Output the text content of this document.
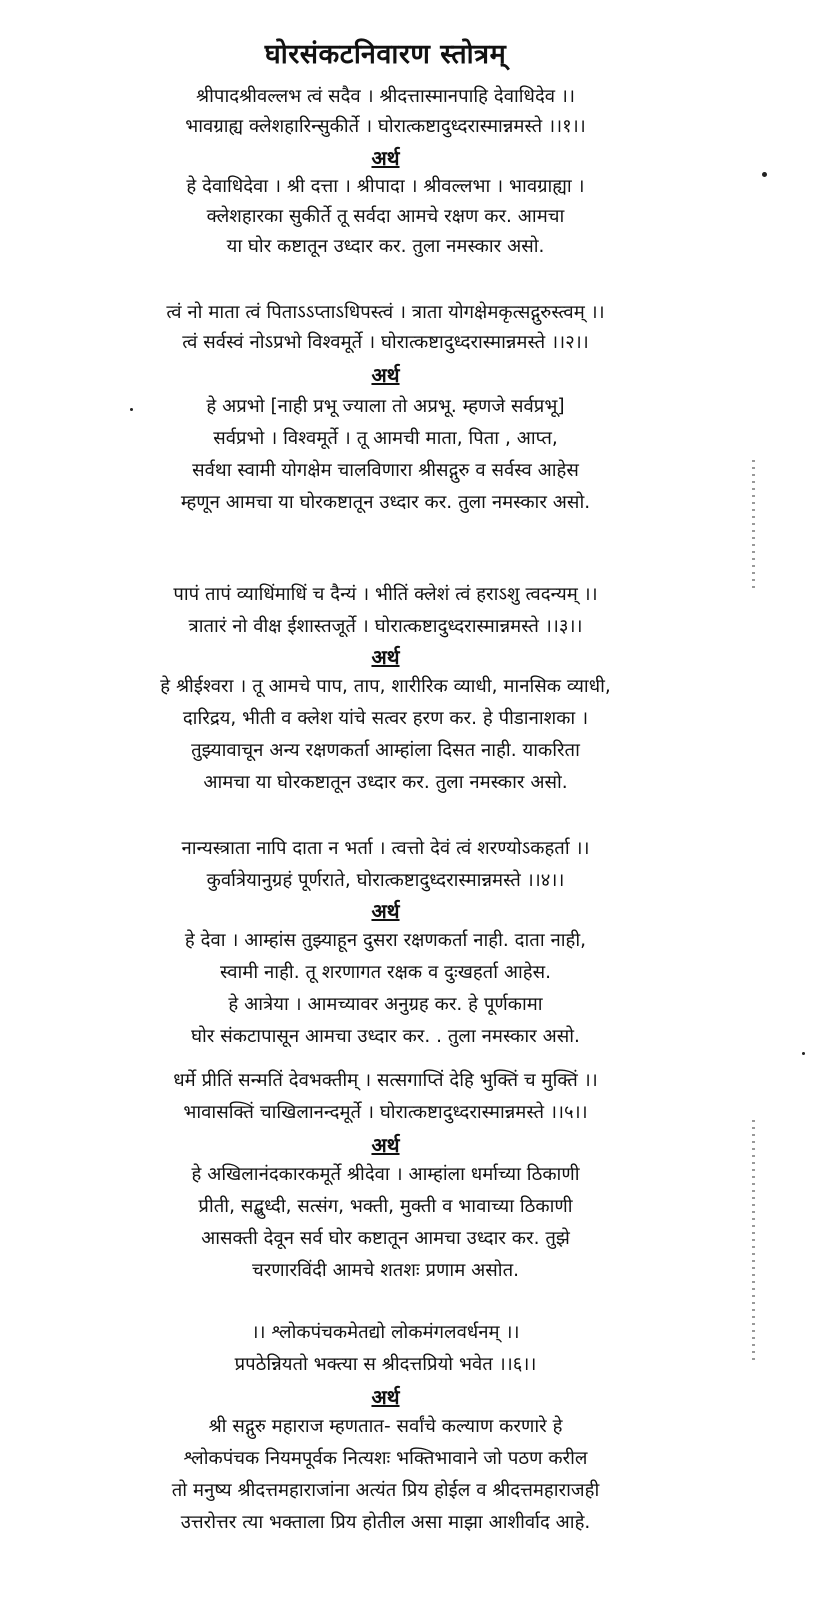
घोरसंकटनिवारण स्तोत्रम्
श्रीपादश्रीवल्लभ त्वं सदैव । श्रीदत्तास्मानपाहि देवाधिदेव ।।
भावग्राह्य क्लेशहारिन्सुकीर्ते । घोरात्कष्टादुध्दरास्मान्नमस्ते ।।१।।
अर्थ
हे देवाधिदेवा । श्री दत्ता । श्रीपादा । श्रीवल्लभा । भावग्राह्या ।
क्लेशहारका सुकीर्ते तू सर्वदा आमचे रक्षण कर. आमचा
या घोर कष्टातून उध्दार कर. तुला नमस्कार असो.
त्वं नो माता त्वं पिताऽऽप्ताऽधिपस्त्वं । त्राता योगक्षेमकृत्सद्गुरुस्त्वम् ।।
त्वं सर्वस्वं नोऽप्रभो विश्वमूर्ते । घोरात्कष्टादुध्दरास्मान्नमस्ते ।।२।।
अर्थ
हे अप्रभो [नाही प्रभू ज्याला तो अप्रभू. म्हणजे सर्वप्रभू]
सर्वप्रभो । विश्वमूर्ते । तू आमची माता, पिता , आप्त,
सर्वथा स्वामी योगक्षेम चालविणारा श्रीसद्गुरु व सर्वस्व आहेस
म्हणून आमचा या घोरकष्टातून उध्दार कर. तुला नमस्कार असो.
पापं तापं व्याधिंमाधिं च दैन्यं । भीतिं क्लेशं त्वं हराऽशु त्वदन्यम् ।।
त्रातारं नो वीक्ष ईशास्तजूर्ते । घोरात्कष्टादुध्दरास्मान्नमस्ते ।।३।।
अर्थ
हे श्रीईश्वरा । तू आमचे पाप, ताप, शारीरिक व्याधी, मानसिक व्याधी,
दारिद्रय, भीती व क्लेश यांचे सत्वर हरण कर. हे पीडानाशका ।
तुझ्यावाचून अन्य रक्षणकर्ता आम्हांला दिसत नाही. याकरिता
आमचा या घोरकष्टातून उध्दार कर. तुला नमस्कार असो.
नान्यस्त्राता नापि दाता न भर्ता । त्वत्तो देवं त्वं शरण्योऽकहर्ता ।।
कुर्वात्रेयानुग्रहं पूर्णराते, घोरात्कष्टादुध्दरास्मान्नमस्ते ।।४।।
अर्थ
हे देवा । आम्हांस तुझ्याहून दुसरा रक्षणकर्ता नाही. दाता नाही,
स्वामी नाही. तू शरणागत रक्षक व दुःखहर्ता आहेस.
हे आत्रेया । आमच्यावर अनुग्रह कर. हे पूर्णकामा
घोर संकटापासून आमचा उध्दार कर. . तुला नमस्कार असो.
धर्मे प्रीतिं सन्मतिं देवभक्तीम् । सत्सगाप्तिं देहि भुक्तिं च मुक्तिं ।।
भावासक्तिं चाखिलानन्दमूर्ते । घोरात्कष्टादुध्दरास्मान्नमस्ते ।।५।।
अर्थ
हे अखिलानंदकारकमूर्ते श्रीदेवा । आम्हांला धर्माच्या ठिकाणी
प्रीती, सद्बुध्दी, सत्संग, भक्ती, मुक्ती व भावाच्या ठिकाणी
आसक्ती देवून सर्व घोर कष्टातून आमचा उध्दार कर. तुझे
चरणारविंदी आमचे शतशः प्रणाम असोत.
।। श्लोकपंचकमेतद्यो लोकमंगलवर्धनम् ।।
प्रपठेन्नियतो भक्त्या स श्रीदत्तप्रियो भवेत ।।६।।
अर्थ
श्री सद्गुरु महाराज म्हणतात- सर्वांचे कल्याण करणारे हे
श्लोकपंचक नियमपूर्वक नित्यशः भक्तिभावाने जो पठण करील
तो मनुष्य श्रीदत्तमहाराजांना अत्यंत प्रिय होईल व श्रीदत्तमहाराजही
उत्तरोत्तर त्या भक्ताला प्रिय होतील असा माझा आशीर्वाद आहे.
